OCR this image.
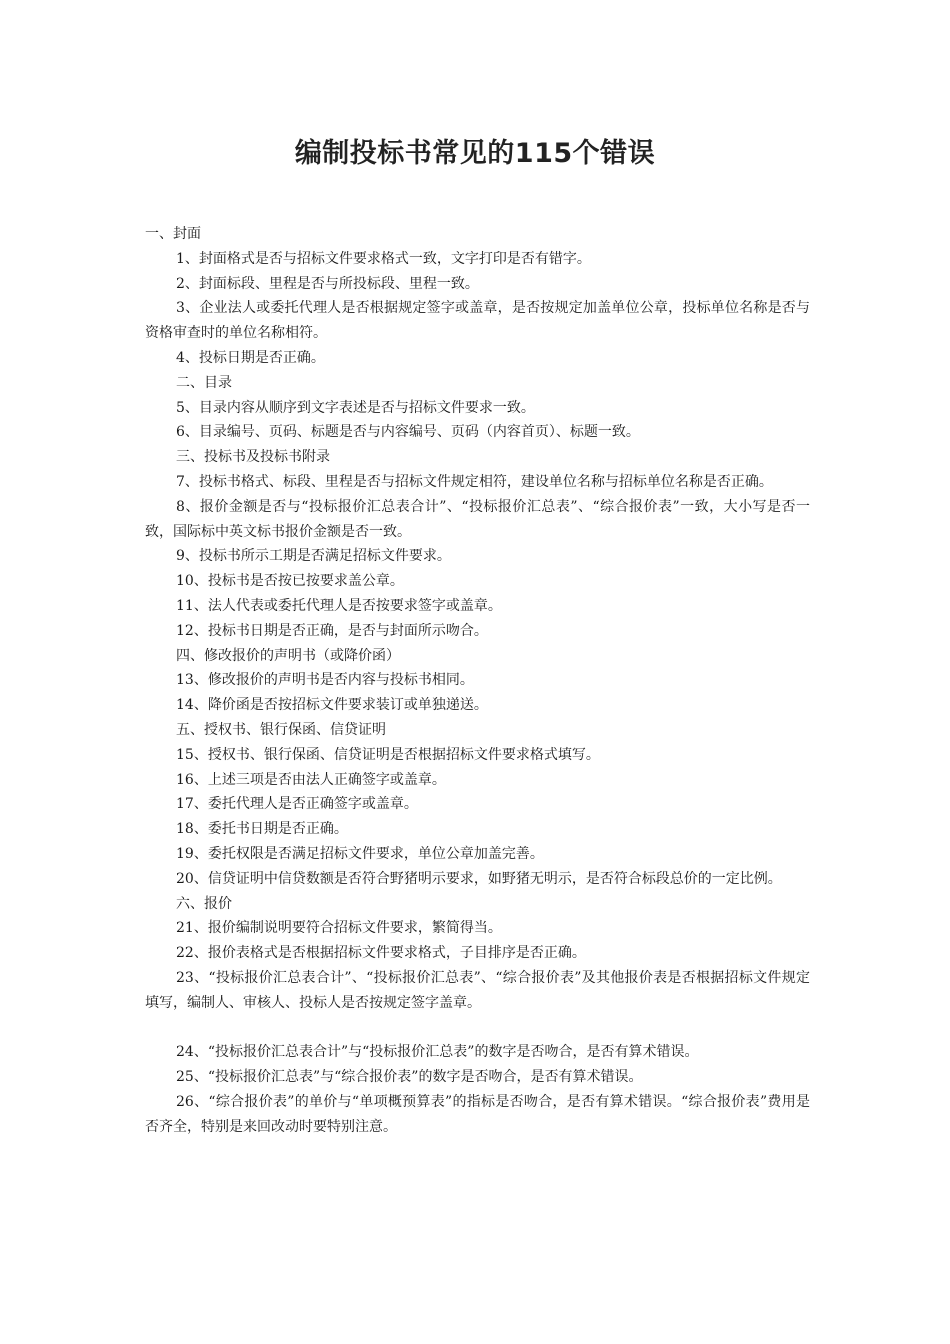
编制投标书常见的115个错误

一、封面

1、封面格式是否与招标文件要求格式一致，文字打印是否有错字。

2、封面标段、里程是否与所投标段、里程一致。

3、企业法人或委托代理人是否根据规定签字或盖章，是否按规定加盖单位公章，投标单位名称是否与资格审查时的单位名称相符。

4、投标日期是否正确。

二、目录

5、目录内容从顺序到文字表述是否与招标文件要求一致。

6、目录编号、页码、标题是否与内容编号、页码（内容首页）、标题一致。

三、投标书及投标书附录

7、投标书格式、标段、里程是否与招标文件规定相符，建设单位名称与招标单位名称是否正确。

8、报价金额是否与“投标报价汇总表合计”、“投标报价汇总表”、“综合报价表”一致，大小写是否一致，国际标中英文标书报价金额是否一致。

9、投标书所示工期是否满足招标文件要求。

10、投标书是否按已按要求盖公章。

11、法人代表或委托代理人是否按要求签字或盖章。

12、投标书日期是否正确，是否与封面所示吻合。

四、修改报价的声明书（或降价函）

13、修改报价的声明书是否内容与投标书相同。

14、降价函是否按招标文件要求装订或单独递送。

五、授权书、银行保函、信贷证明

15、授权书、银行保函、信贷证明是否根据招标文件要求格式填写。

16、上述三项是否由法人正确签字或盖章。

17、委托代理人是否正确签字或盖章。

18、委托书日期是否正确。

19、委托权限是否满足招标文件要求，单位公章加盖完善。

20、信贷证明中信贷数额是否符合野猪明示要求，如野猪无明示，是否符合标段总价的一定比例。

六、报价

21、报价编制说明要符合招标文件要求，繁简得当。

22、报价表格式是否根据招标文件要求格式，子目排序是否正确。

23、“投标报价汇总表合计”、“投标报价汇总表”、“综合报价表”及其他报价表是否根据招标文件规定填写，编制人、审核人、投标人是否按规定签字盖章。

24、“投标报价汇总表合计”与“投标报价汇总表”的数字是否吻合，是否有算术错误。

25、“投标报价汇总表”与“综合报价表”的数字是否吻合，是否有算术错误。

26、“综合报价表”的单价与“单项概预算表”的指标是否吻合，是否有算术错误。“综合报价表”费用是否齐全，特别是来回改动时要特别注意。
